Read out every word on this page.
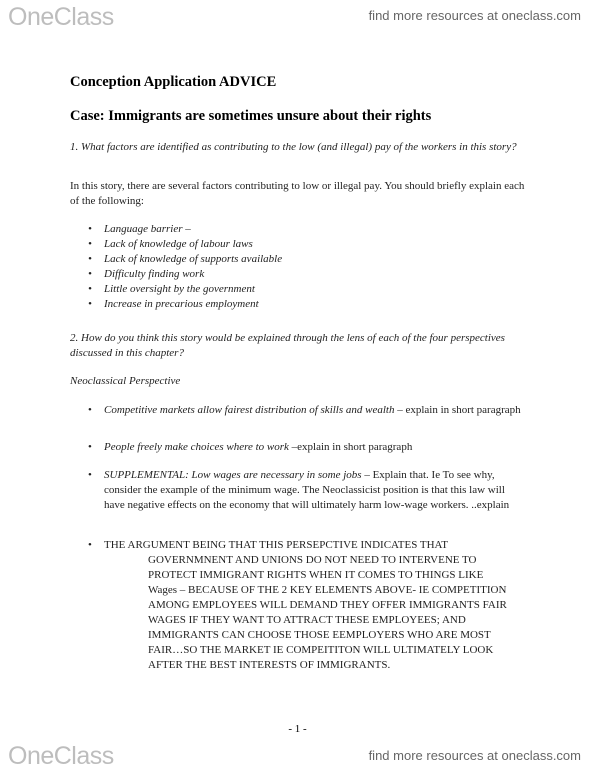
OneClass	find more resources at oneclass.com
Conception Application ADVICE
Case: Immigrants are sometimes unsure about their rights
1. What factors are identified as contributing to the low (and illegal) pay of the workers in this story?
In this story, there are several factors contributing to low or illegal pay. You should briefly explain each of the following:
• Language barrier –
• Lack of knowledge of labour laws
• Lack of knowledge of supports available
• Difficulty finding work
• Little oversight by the government
• Increase in precarious employment
2. How do you think this story would be explained through the lens of each of the four perspectives discussed in this chapter?
Neoclassical Perspective
• Competitive markets allow fairest distribution of skills and wealth – explain in short paragraph
• People freely make choices where to work –explain in short paragraph
• SUPPLEMENTAL: Low wages are necessary in some jobs – Explain that. Ie To see why, consider the example of the minimum wage. The Neoclassicist position is that this law will have negative effects on the economy that will ultimately harm low-wage workers. ..explain
•	THE ARGUMENT BEING THAT THIS PERSEPCTIVE INDICATES THAT
GOVERNMNENT AND UNIONS DO NOT NEED TO INTERVENE TO
PROTECT IMMIGRANT RIGHTS WHEN IT COMES TO THINGS LIKE
Wages – BECAUSE OF THE 2 KEY ELEMENTS ABOVE- IE COMPETITION
AMONG EMPLOYEES WILL DEMAND THEY OFFER IMMIGRANTS FAIR
WAGES IF THEY WANT TO ATTRACT THESE EMPLOYEES; AND
IMMIGRANTS CAN CHOOSE THOSE EEMPLOYERS WHO ARE MOST
FAIR…SO THE MARKET IE COMPEITITON WILL ULTIMATELY LOOK
AFTER THE BEST INTERESTS OF IMMIGRANTS.
- 1 -
OneClass	find more resources at oneclass.com
